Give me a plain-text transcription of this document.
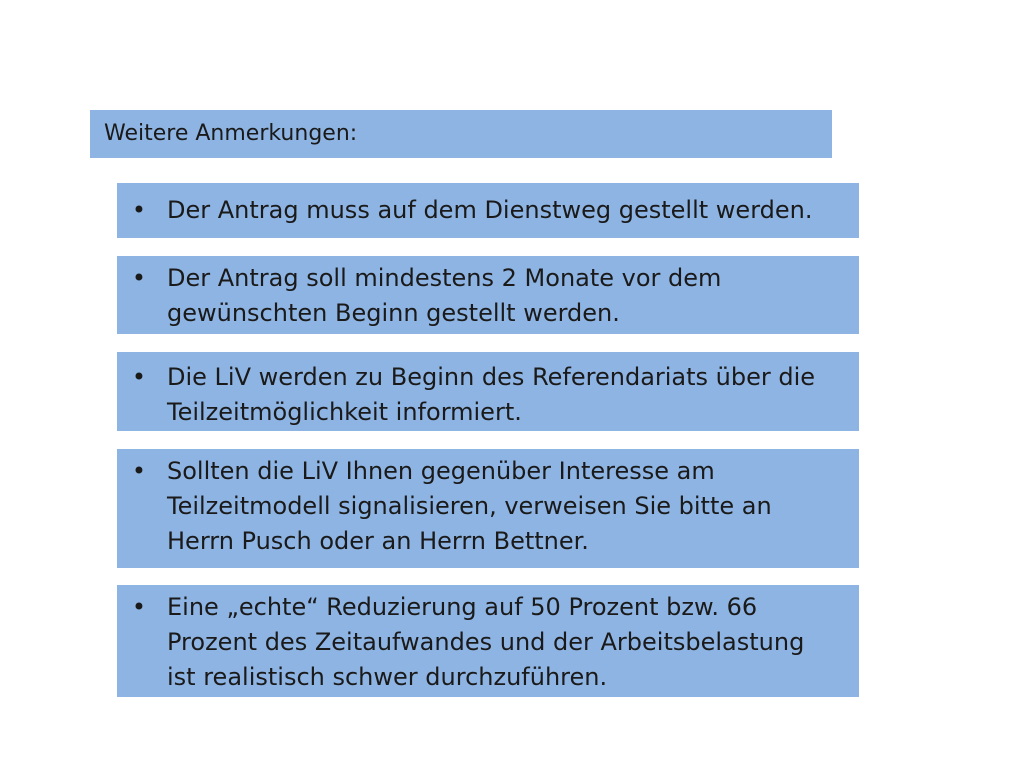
Weitere Anmerkungen:
• Der Antrag muss auf dem Dienstweg gestellt werden.
• Der Antrag soll mindestens 2 Monate vor dem
gewünschten Beginn gestellt werden.
• Die LiV werden zu Beginn des Referendariats über die
Teilzeitmöglichkeit informiert.
• Sollten die LiV Ihnen gegenüber Interesse am
Teilzeitmodell signalisieren, verweisen Sie bitte an
Herrn Pusch oder an Herrn Bettner.
• Eine „echte“ Reduzierung auf 50 Prozent bzw. 66
Prozent des Zeitaufwandes und der Arbeitsbelastung
ist realistisch schwer durchzuführen.
